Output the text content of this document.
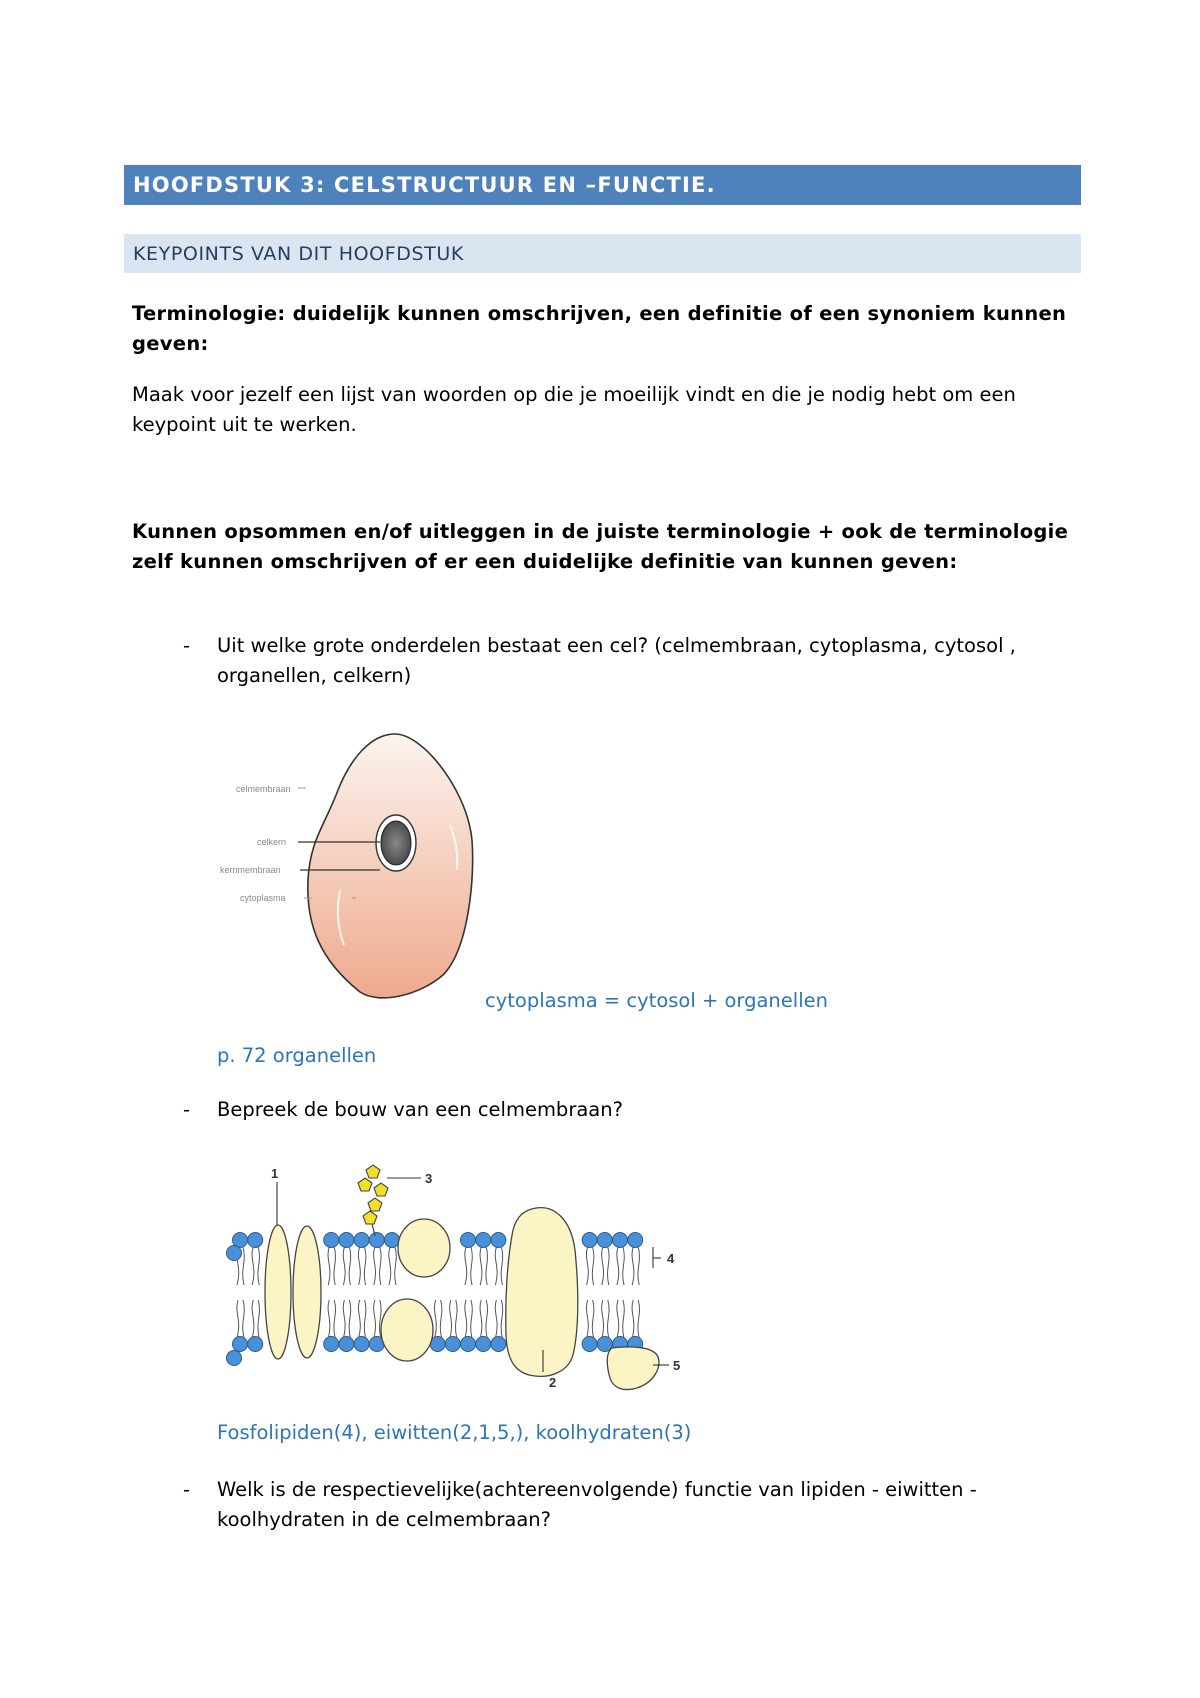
HOOFDSTUK 3: CELSTRUCTUUR EN –FUNCTIE.
KEYPOINTS VAN DIT HOOFDSTUK
Terminologie: duidelijk kunnen omschrijven, een definitie of een synoniem kunnen geven:
Maak voor jezelf een lijst van woorden op die je moeilijk vindt en die je nodig hebt om een keypoint uit te werken.
Kunnen opsommen en/of uitleggen in de juiste terminologie + ook de terminologie zelf kunnen omschrijven of er een duidelijke definitie van kunnen geven:
- Uit welke grote onderdelen bestaat een cel? (celmembraan, cytoplasma, cytosol , organellen, celkern)
celmembraan
celkern
kernmembraan
cytoplasma
cytoplasma = cytosol + organellen
p. 72 organellen
- Bepreek de bouw van een celmembraan?
1
2
3
4
5
Fosfolipiden(4), eiwitten(2,1,5,), koolhydraten(3)
- Welk is de respectievelijke(achtereenvolgende) functie van lipiden - eiwitten - koolhydraten in de celmembraan?
